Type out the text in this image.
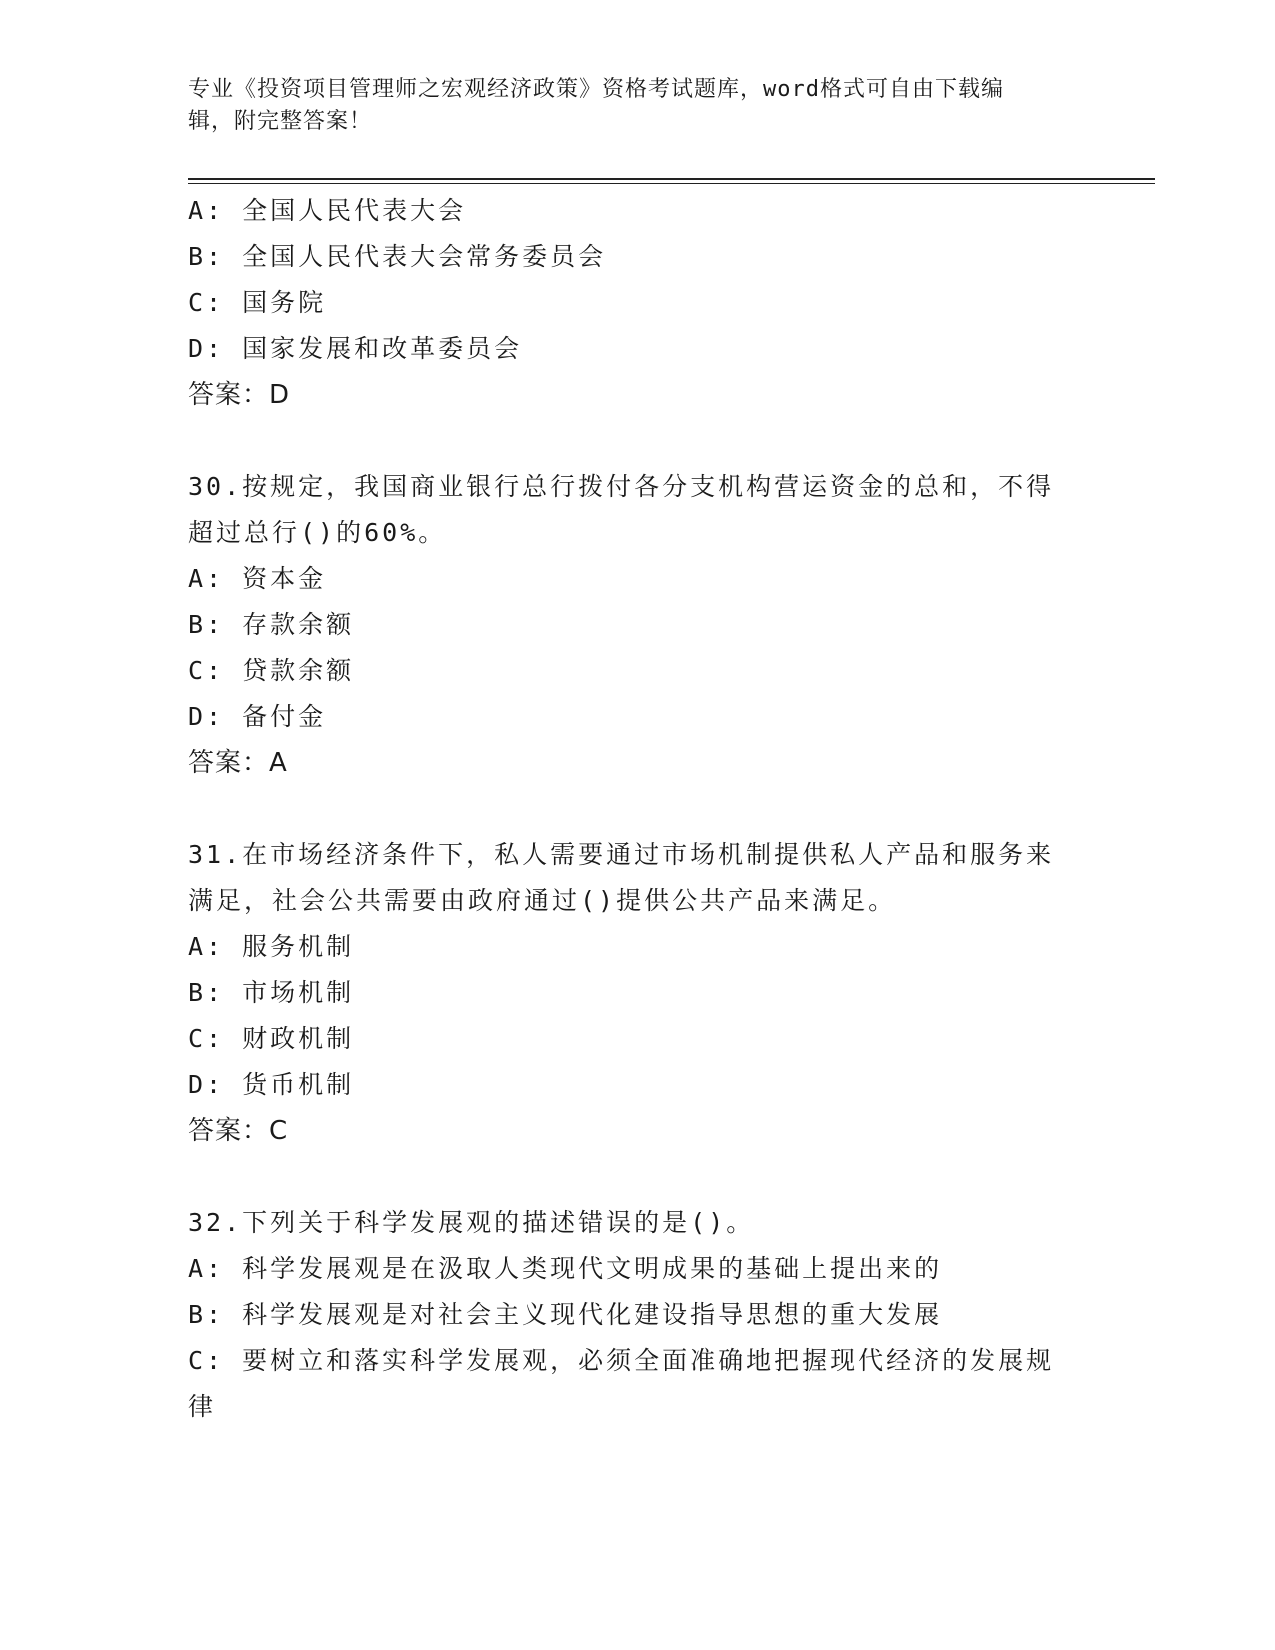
专业《投资项目管理师之宏观经济政策》资格考试题库，word格式可自由下载编
辑，附完整答案！
A: 全国人民代表大会
B: 全国人民代表大会常务委员会
C: 国务院
D: 国家发展和改革委员会
答案：D
30.按规定，我国商业银行总行拨付各分支机构营运资金的总和，不得
超过总行()的60%。
A: 资本金
B: 存款余额
C: 贷款余额
D: 备付金
答案：A
31.在市场经济条件下，私人需要通过市场机制提供私人产品和服务来
满足，社会公共需要由政府通过()提供公共产品来满足。
A: 服务机制
B: 市场机制
C: 财政机制
D: 货币机制
答案：C
32.下列关于科学发展观的描述错误的是()。
A: 科学发展观是在汲取人类现代文明成果的基础上提出来的
B: 科学发展观是对社会主义现代化建设指导思想的重大发展
C: 要树立和落实科学发展观，必须全面准确地把握现代经济的发展规
律
